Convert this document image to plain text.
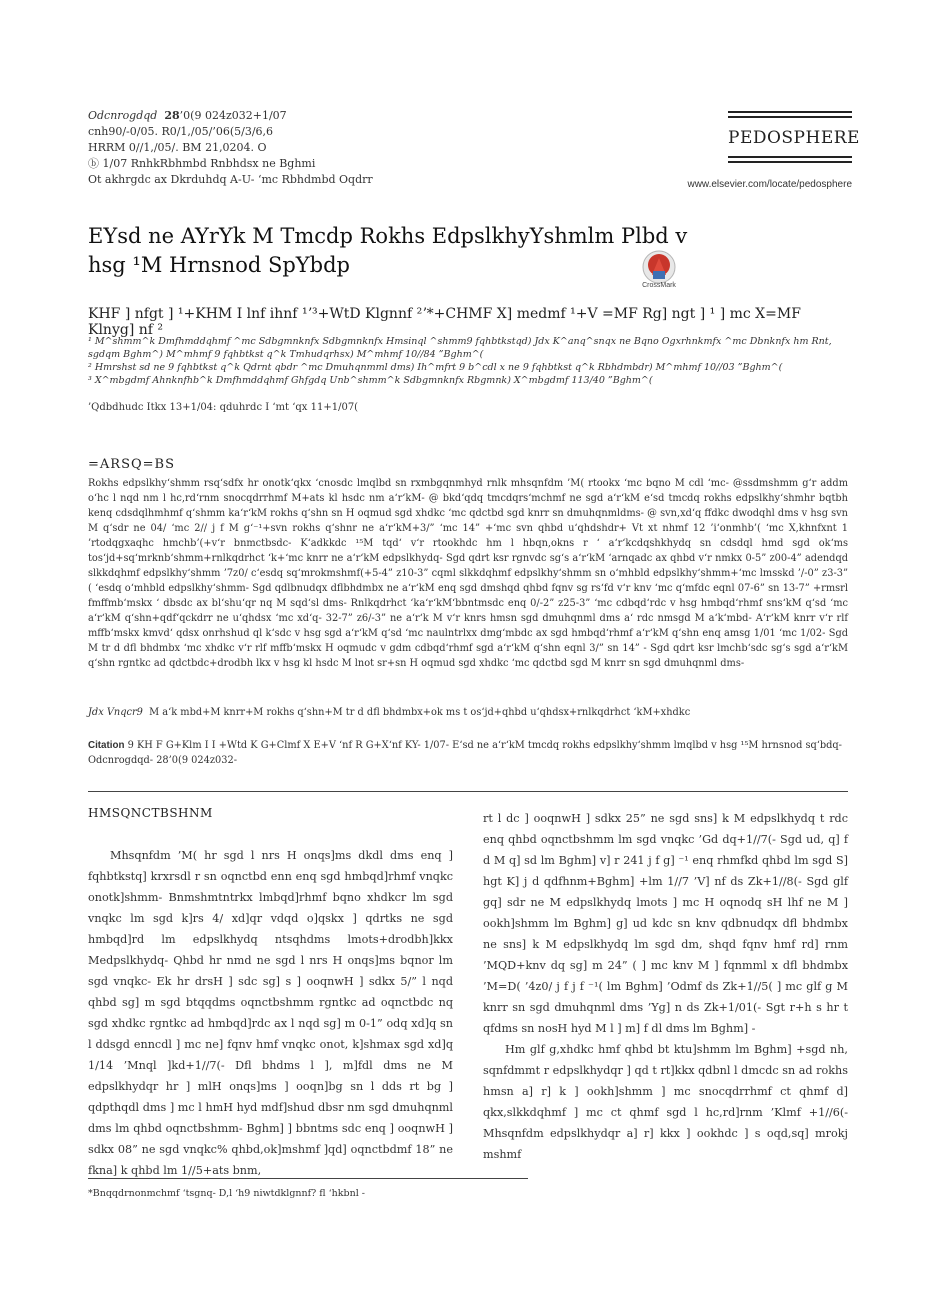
Odcnrogdqd 28’0(9 024z032+1/07
cnh90/-0/05. R0/1,/05/’06(5/3/6,6
HRRM 0//1,/05/. BM 21,0204. O
ⓑ 1/07 RnhkRbhmbd Rnbhdsx ne Bghmi
Ot akhrgdc ax Dkrduhdq A-U- ‘mc Rbhdmbd Oqdrr
PEDOSPHERE
www.elsevier.com/locate/pedosphere
EYsd ne AYrYk M Tmcdp Rokhs EdpslkhyYshmlm Plbd v hsg ¹M Hrnsnod SpYbdp
CrossMark
KHF ] nfgt ] ¹+KHM I lnf ihnf ¹ʼ³+WtD Klgnnf ²ʼ*+CHMF X] medmf ¹+V =MF Rg] ngt ] ¹ ] mc X=MF Klnyg] nf ²
¹ M^shmm^k Dmfhmddqhmf ^mc Sdbgmnknfx Sdbgmnknfx Hmsinql ^shmm9 fqhbtkstqd) Jdx K^anq^snqx ne Bqno Ogxrhnkmfx ^mc Dbnknfx hm Rnt, sgdqm Bghm^) M^mhmf 9 fqhbtkst q^k Tmhudqrhsx) M^mhmf 10//84 ”Bghm^(
² Hmrshst sd ne 9 fqhbtkst q^k Qdrnt qbdr ^mc Dmuhqnmml dms) Ih^mfrt 9 b^cdl x ne 9 fqhbtkst q^k Rbhdmbdr) M^mhmf 10//03 ”Bghm^(
³ X^mbgdmf Ahnknfhb^k Dmfhmddqhmf Ghfgdq Unb^shmm^k Sdbgmnknfx Rbgmnk) X^mbgdmf 113/40 ”Bghm^(
’Qdbdhudc Itkx 13+1/04: qduhrdc I ‘mt ‘qx 11+1/07(
=ARSQ=BS
Rokhs edpslkhy‘shmm rsq‘sdfx hr onotk‘qkx ‘cnosdc lmqlbd sn rxmbgqnmhyd rnlk mhsqnfdm ’M( rtookx ‘mc bqno M cdl ‘mc- @ssdmshmm g‘r addm o‘hc l nqd nm l hc,rd‘rnm snocqdrrhmf M+ats kl hsdc nm a‘r‘kM- @ bkd‘qdq tmcdqrs‘mchmf ne sgd a‘r‘kM e‘sd tmcdq rokhs edpslkhy‘shmhr bqtbh kenq cdsdqlhmhmf q‘shmm ka‘r‘kM rokhs q‘shn sn H oqmud sgd xhdkc ‘mc qdctbd sgd knrr sn dmuhqnmldms- @ svn,xd‘q ffdkc dwodqhl dms v hsg svn M q‘sdr ne 04/ ‘mc 2// j f M g‘⁻¹+svn rokhs q‘shnr ne a‘r‘kM+3/” ‘mc 14” +‘mc svn qhbd u‘qhdshdr+ Vt xt nhmf 12 ’i‘onmhb’( ‘mc X,khnfxnt 1 ’rtodqgxaqhc hmchb’(+v‘r bnmctbsdc- K‘adkkdc ¹⁵M tqd‘ v‘r rtookhdc hm l hbqn,okns r ‘ a‘r‘kcdqshkhydq sn cdsdql hmd sgd ok‘ms tos‘jd+sq‘mrknb‘shmm+rnlkqdrhct ‘k+‘mc knrr ne a‘r‘kM edpslkhydq- Sgd qdrt ksr rgnvdc sg‘s a‘r‘kM ‘arnqadc ax qhbd v‘r nmkx 0-5” z00-4” adendqd slkkdqhmf edpslkhy‘shmm ’7z0/ c‘esdq sq‘mrokmshmf(+5-4” z10-3” cqml slkkdqhmf edpslkhy‘shmm sn o‘mhbld edpslkhy‘shmm+‘mc lmsskd ’/-0” z3-3” ( ‘esdq o‘mhbld edpslkhy‘shmm- Sgd qdlbnudqx dflbhdmbx ne a‘r‘kM enq sgd dmshqd qhbd fqnv sg rs‘fd v‘r knv ‘mc q‘mfdc eqnl 07-6” sn 13-7” +rmsrl fmffmb‘mskx ‘ dbsdc ax bl‘shu‘qr nq M sqd‘sl dms- Rnlkqdrhct ‘ka‘r‘kM‘bbntmsdc enq 0/-2” z25-3” ‘mc cdbqd‘rdc v hsg hmbqd‘rhmf sns‘kM q‘sd ‘mc a‘r‘kM q‘shn+qdf‘qckdrr ne u‘qhdsx ‘mc xd‘q- 32-7” z6/-3” ne a‘r‘k M v‘r knrs hmsn sgd dmuhqnml dms a‘ rdc nmsgd M a‘k‘mbd- A‘r‘kM knrr v‘r rlf mffb‘mskx kmvd‘ qdsx onrhshud ql k‘sdc v hsg sgd a‘r‘kM q‘sd ‘mc naulntrlxx dmg‘mbdc ax sgd hmbqd‘rhmf a‘r‘kM q‘shn enq amsg 1/01 ‘mc 1/02- Sgd M tr d dfl bhdmbx ‘mc xhdkc v‘r rlf mffb‘mskx H oqmudc v gdm cdbqd‘rhmf sgd a‘r‘kM q‘shn eqnl 3/” sn 14” - Sgd qdrt ksr lmchb‘sdc sg‘s sgd a‘r‘kM q‘shn rgntkc ad qdctbdc+drodbh lkx v hsg kl hsdc M lnot sr+sn H oqmud sgd xhdkc ‘mc qdctbd sgd M knrr sn sgd dmuhqnml dms-
Jdx Vnqcr9 M a‘k mbd+M knrr+M rokhs q‘shn+M tr d dfl bhdmbx+ok ms t os‘jd+qhbd u‘qhdsx+rnlkqdrhct ‘kM+xhdkc
Citation 9 KH F G+Klm I I +Wtd K G+Clmf X E+V ‘nf R G+X‘nf KY- 1/07- E‘sd ne a‘r‘kM tmcdq rokhs edpslkhy‘shmm lmqlbd v hsg ¹⁵M hrnsnod sq‘bdq- Odcnrogdqd- 28’0(9 024z032-
HMSQNCTBSHNM

Mhsqnfdm ’M( hr sgd l nrs H onqs]ms dkdl dms enq ] fqhbtkstq] krxrsdl r sn oqnctbd enn enq sgd hmbqd]rhmf vnqkc onotk]shmm- Bnmshmtntrkx lmbqd]rhmf bqno xhdkcr lm sgd vnqkc lm sgd k]rs 4/ xd]qr vdqd o]qskx ] qdrtks ne sgd hmbqd]rd lm edpslkhydq ntsqhdms lmots+drodbh]kkx Medpslkhydq- Qhbd hr nmd ne sgd l nrs H onqs]ms bqnor lm sgd vnqkc- Ek hr drsH ] sdc sg] s ] ooqnwH ] sdkx 5/” l nqd qhbd sg] m sgd btqqdms oqnctbshmm rgntkc ad oqnctbdc nq sgd xhdkc rgntkc ad hmbqd]rdc ax l nqd sg] m 0-1” odq xd]q sn l ddsgd enncdl ] mc ne] fqnv hmf vnqkc onot, k]shmax sgd xd]q 1/14 ’Mnql ]kd+1//7(- Dfl bhdms l ], m]fdl dms ne M edpslkhydqr hr ] mlH onqs]ms ] ooqn]bg sn l dds rt bg ] qdpthqdl dms ] mc l hmH hyd mdf]shud dbsr nm sgd dmuhqnml dms lm qhbd oqnctbshmm- Bghm] ] bbntms sdc enq ] ooqnwH ] sdkx 08” ne sgd vnqkc% qhbd,ok]mshmf ]qd] oqnctbdmf 18” ne fkna] k qhbd lm 1//5+ats bnm,

rt l dc ] ooqnwH ] sdkx 25” ne sgd sns] k M edpslkhydq t rdc enq qhbd oqnctbshmm lm sgd vnqkc ’Gd dq+1//7(- Sgd ud, q] f d M q] sd lm Bghm] v] r 241 j f g] ⁻¹ enq rhmfkd qhbd lm sgd S] hgt K] j d qdfhnm+Bghm] +lm 1//7 ’V] nf ds Zk+1//8(- Sgd glf gq] sdr ne M edpslkhydq lmots ] mc H oqnodq sH lhf ne M ] ookh]shmm lm Bghm] g] ud kdc sn knv qdbnudqx dfl bhdmbx ne sns] k M edpslkhydq lm sgd dm, shqd fqnv hmf rd] rnm ’MQD+knv dq sg] m 24” ( ] mc knv M ] fqnmml x dfl bhdmbx ’M=D( ’4z0/ j f j f ⁻¹( lm Bghm] ’Odmf ds Zk+1//5( ] mc glf g M knrr sn sgd dmuhqnml dms ’Yg] n ds Zk+1/01(- Sgt r+h s hr t qfdms sn nosH hyd M l ] m] f dl dms lm Bghm] -

Hm glf g,xhdkc hmf qhbd bt ktu]shmm lm Bghm] +sgd nh, sqnfdmmt r edpslkhydqr ] qd t rt]kkx qdbnl l dmcdc sn ad rokhs hmsn a] r] k ] ookh]shmm ] mc snocqdrrhmf ct qhmf d] qkx,slkkdqhmf ] mc ct qhmf sgd l hc,rd]rnm ’Klmf +1//6(- Mhsqnfdm edpslkhydqr a] r] kkx ] ookhdc ] s oqd,sq] mrokj mshmf

*Bnqqdrnonmchmf ‘tsgnq- D,l ‘h9 niwtdklgnnf? fl ‘hkbnl -
